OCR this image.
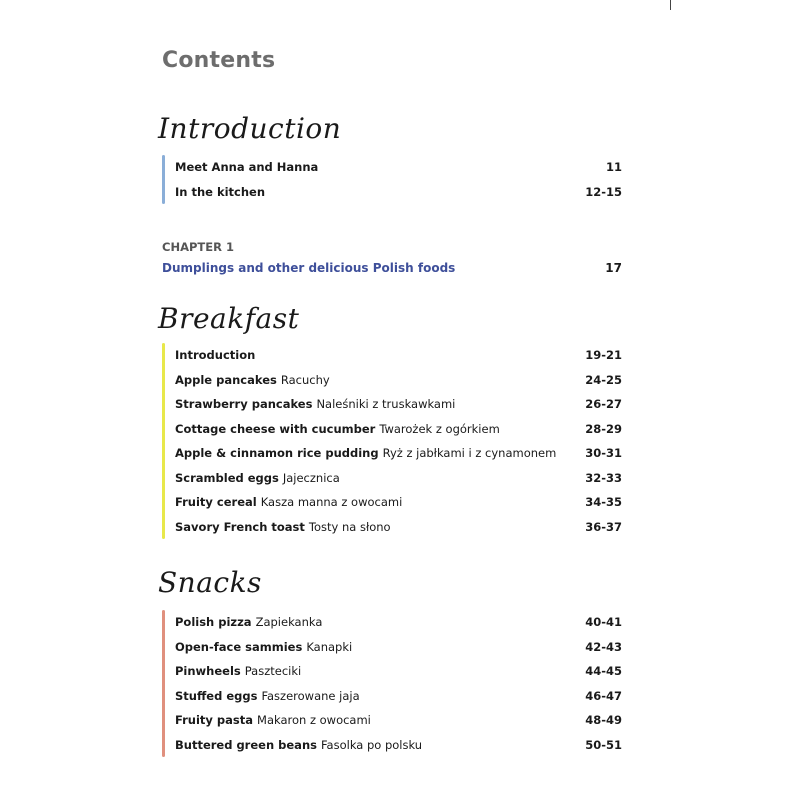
Contents
Introduction
Meet Anna and Hanna	11
In the kitchen	12-15

CHAPTER 1

Dumplings and other delicious Polish foods	17
Breakfast
Introduction	19-21
Apple pancakes Racuchy	24-25
Strawberry pancakes Naleśniki z truskawkami	26-27
Cottage cheese with cucumber Twarożek z ogórkiem	28-29
Apple & cinnamon rice pudding Ryż z jabłkami i z cynamonem	30-31
Scrambled eggs Jajecznica	32-33
Fruity cereal Kasza manna z owocami	34-35
Savory French toast Tosty na słono	36-37
Snacks
Polish pizza Zapiekanka	40-41
Open-face sammies Kanapki	42-43
Pinwheels Paszteciki	44-45
Stuffed eggs Faszerowane jaja	46-47
Fruity pasta Makaron z owocami	48-49
Buttered green beans Fasolka po polsku	50-51
